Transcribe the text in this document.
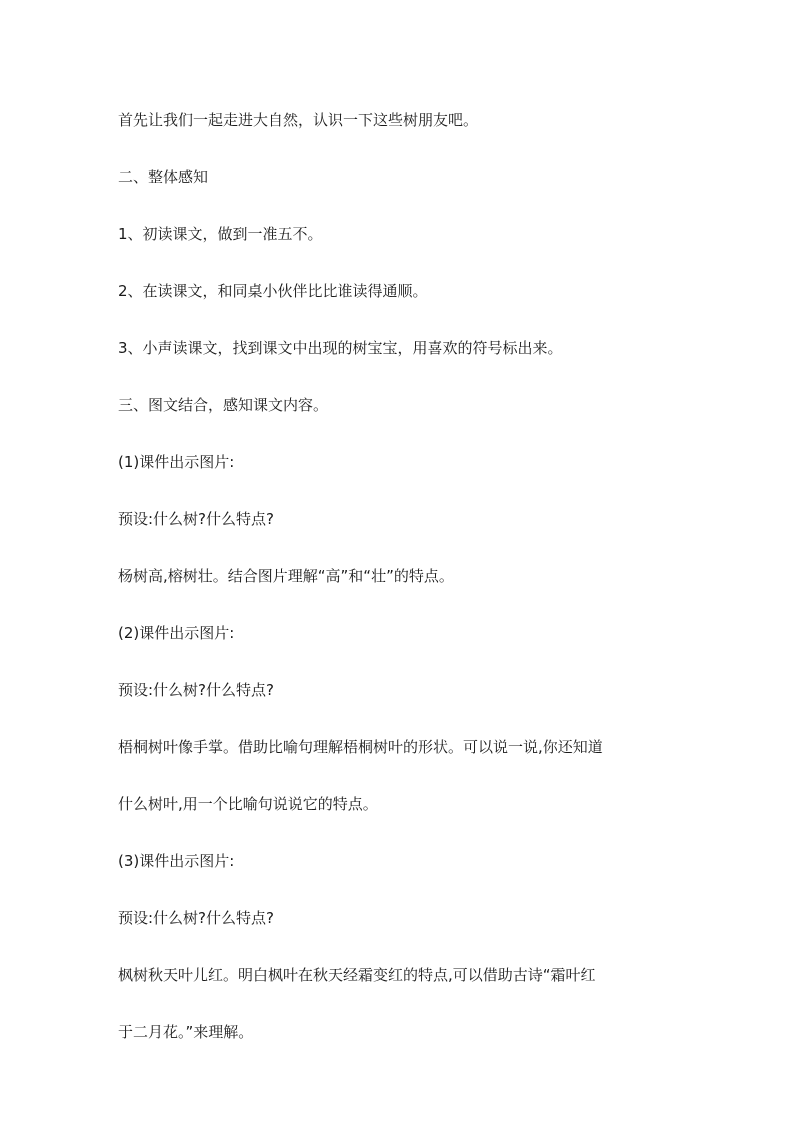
首先让我们一起走进大自然，认识一下这些树朋友吧。

二、整体感知

1、初读课文，做到一准五不。

2、在读课文，和同桌小伙伴比比谁读得通顺。

3、小声读课文，找到课文中出现的树宝宝，用喜欢的符号标出来。

三、图文结合，感知课文内容。

(1)课件出示图片:

预设:什么树?什么特点?

杨树高,榕树壮。结合图片理解“高”和“壮”的特点。

(2)课件出示图片:

预设:什么树?什么特点?

梧桐树叶像手掌。借助比喻句理解梧桐树叶的形状。可以说一说,你还知道

什么树叶,用一个比喻句说说它的特点。

(3)课件出示图片:

预设:什么树?什么特点?

枫树秋天叶儿红。明白枫叶在秋天经霜变红的特点,可以借助古诗“霜叶红

于二月花。”来理解。
